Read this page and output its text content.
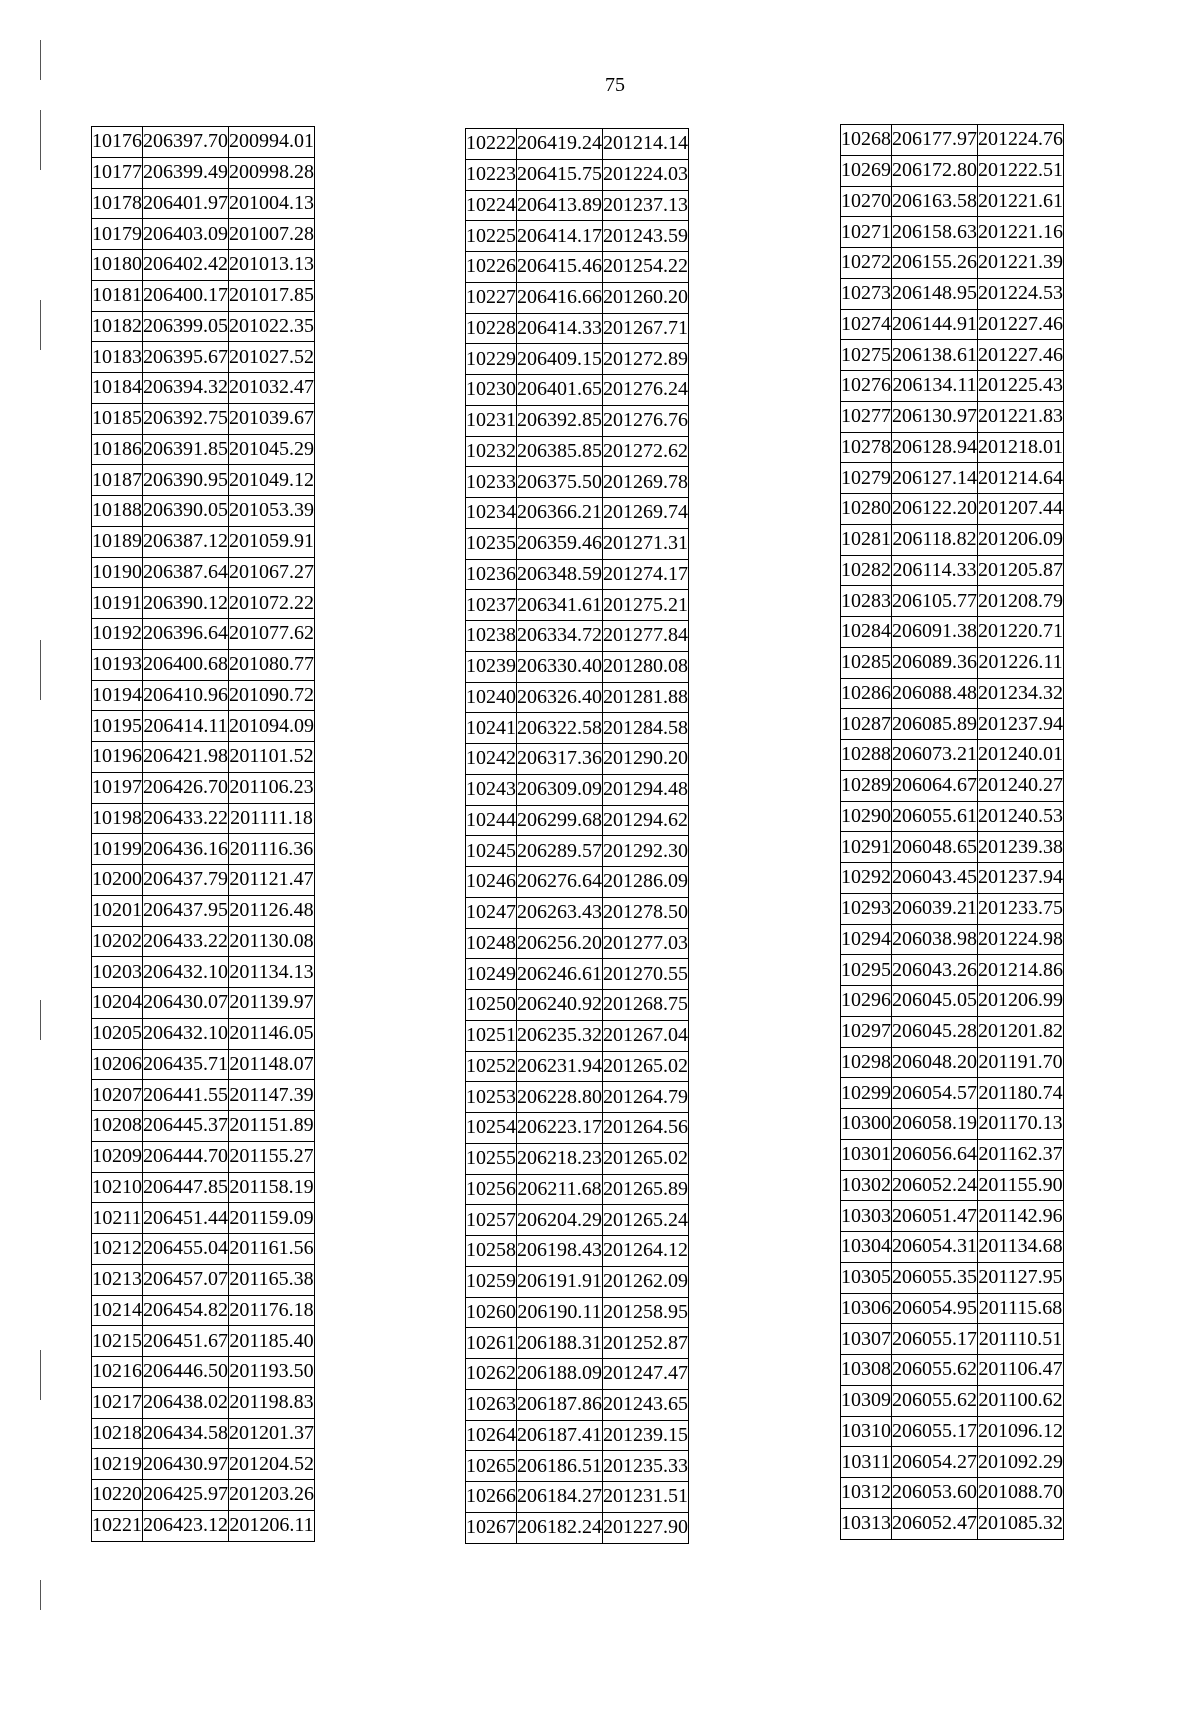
75
10176	206397.70	200994.01
10177	206399.49	200998.28
10178	206401.97	201004.13
10179	206403.09	201007.28
10180	206402.42	201013.13
10181	206400.17	201017.85
10182	206399.05	201022.35
10183	206395.67	201027.52
10184	206394.32	201032.47
10185	206392.75	201039.67
10186	206391.85	201045.29
10187	206390.95	201049.12
10188	206390.05	201053.39
10189	206387.12	201059.91
10190	206387.64	201067.27
10191	206390.12	201072.22
10192	206396.64	201077.62
10193	206400.68	201080.77
10194	206410.96	201090.72
10195	206414.11	201094.09
10196	206421.98	201101.52
10197	206426.70	201106.23
10198	206433.22	201111.18
10199	206436.16	201116.36
10200	206437.79	201121.47
10201	206437.95	201126.48
10202	206433.22	201130.08
10203	206432.10	201134.13
10204	206430.07	201139.97
10205	206432.10	201146.05
10206	206435.71	201148.07
10207	206441.55	201147.39
10208	206445.37	201151.89
10209	206444.70	201155.27
10210	206447.85	201158.19
10211	206451.44	201159.09
10212	206455.04	201161.56
10213	206457.07	201165.38
10214	206454.82	201176.18
10215	206451.67	201185.40
10216	206446.50	201193.50
10217	206438.02	201198.83
10218	206434.58	201201.37
10219	206430.97	201204.52
10220	206425.97	201203.26
10221	206423.12	201206.11
10222	206419.24	201214.14
10223	206415.75	201224.03
10224	206413.89	201237.13
10225	206414.17	201243.59
10226	206415.46	201254.22
10227	206416.66	201260.20
10228	206414.33	201267.71
10229	206409.15	201272.89
10230	206401.65	201276.24
10231	206392.85	201276.76
10232	206385.85	201272.62
10233	206375.50	201269.78
10234	206366.21	201269.74
10235	206359.46	201271.31
10236	206348.59	201274.17
10237	206341.61	201275.21
10238	206334.72	201277.84
10239	206330.40	201280.08
10240	206326.40	201281.88
10241	206322.58	201284.58
10242	206317.36	201290.20
10243	206309.09	201294.48
10244	206299.68	201294.62
10245	206289.57	201292.30
10246	206276.64	201286.09
10247	206263.43	201278.50
10248	206256.20	201277.03
10249	206246.61	201270.55
10250	206240.92	201268.75
10251	206235.32	201267.04
10252	206231.94	201265.02
10253	206228.80	201264.79
10254	206223.17	201264.56
10255	206218.23	201265.02
10256	206211.68	201265.89
10257	206204.29	201265.24
10258	206198.43	201264.12
10259	206191.91	201262.09
10260	206190.11	201258.95
10261	206188.31	201252.87
10262	206188.09	201247.47
10263	206187.86	201243.65
10264	206187.41	201239.15
10265	206186.51	201235.33
10266	206184.27	201231.51
10267	206182.24	201227.90
10268	206177.97	201224.76
10269	206172.80	201222.51
10270	206163.58	201221.61
10271	206158.63	201221.16
10272	206155.26	201221.39
10273	206148.95	201224.53
10274	206144.91	201227.46
10275	206138.61	201227.46
10276	206134.11	201225.43
10277	206130.97	201221.83
10278	206128.94	201218.01
10279	206127.14	201214.64
10280	206122.20	201207.44
10281	206118.82	201206.09
10282	206114.33	201205.87
10283	206105.77	201208.79
10284	206091.38	201220.71
10285	206089.36	201226.11
10286	206088.48	201234.32
10287	206085.89	201237.94
10288	206073.21	201240.01
10289	206064.67	201240.27
10290	206055.61	201240.53
10291	206048.65	201239.38
10292	206043.45	201237.94
10293	206039.21	201233.75
10294	206038.98	201224.98
10295	206043.26	201214.86
10296	206045.05	201206.99
10297	206045.28	201201.82
10298	206048.20	201191.70
10299	206054.57	201180.74
10300	206058.19	201170.13
10301	206056.64	201162.37
10302	206052.24	201155.90
10303	206051.47	201142.96
10304	206054.31	201134.68
10305	206055.35	201127.95
10306	206054.95	201115.68
10307	206055.17	201110.51
10308	206055.62	201106.47
10309	206055.62	201100.62
10310	206055.17	201096.12
10311	206054.27	201092.29
10312	206053.60	201088.70
10313	206052.47	201085.32
